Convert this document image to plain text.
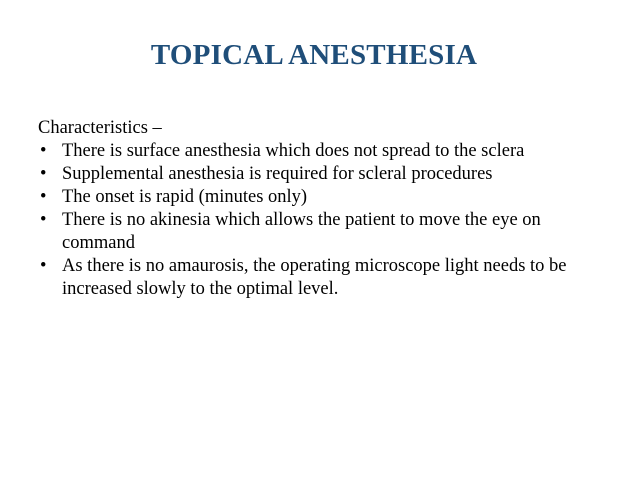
TOPICAL ANESTHESIA
Characteristics –
• There is surface anesthesia which does not spread to the sclera
• Supplemental anesthesia is required for scleral procedures
• The onset is rapid (minutes only)
• There is no akinesia which allows the patient to move the eye on command
• As there is no amaurosis, the operating microscope light needs to be increased slowly to the optimal level.
